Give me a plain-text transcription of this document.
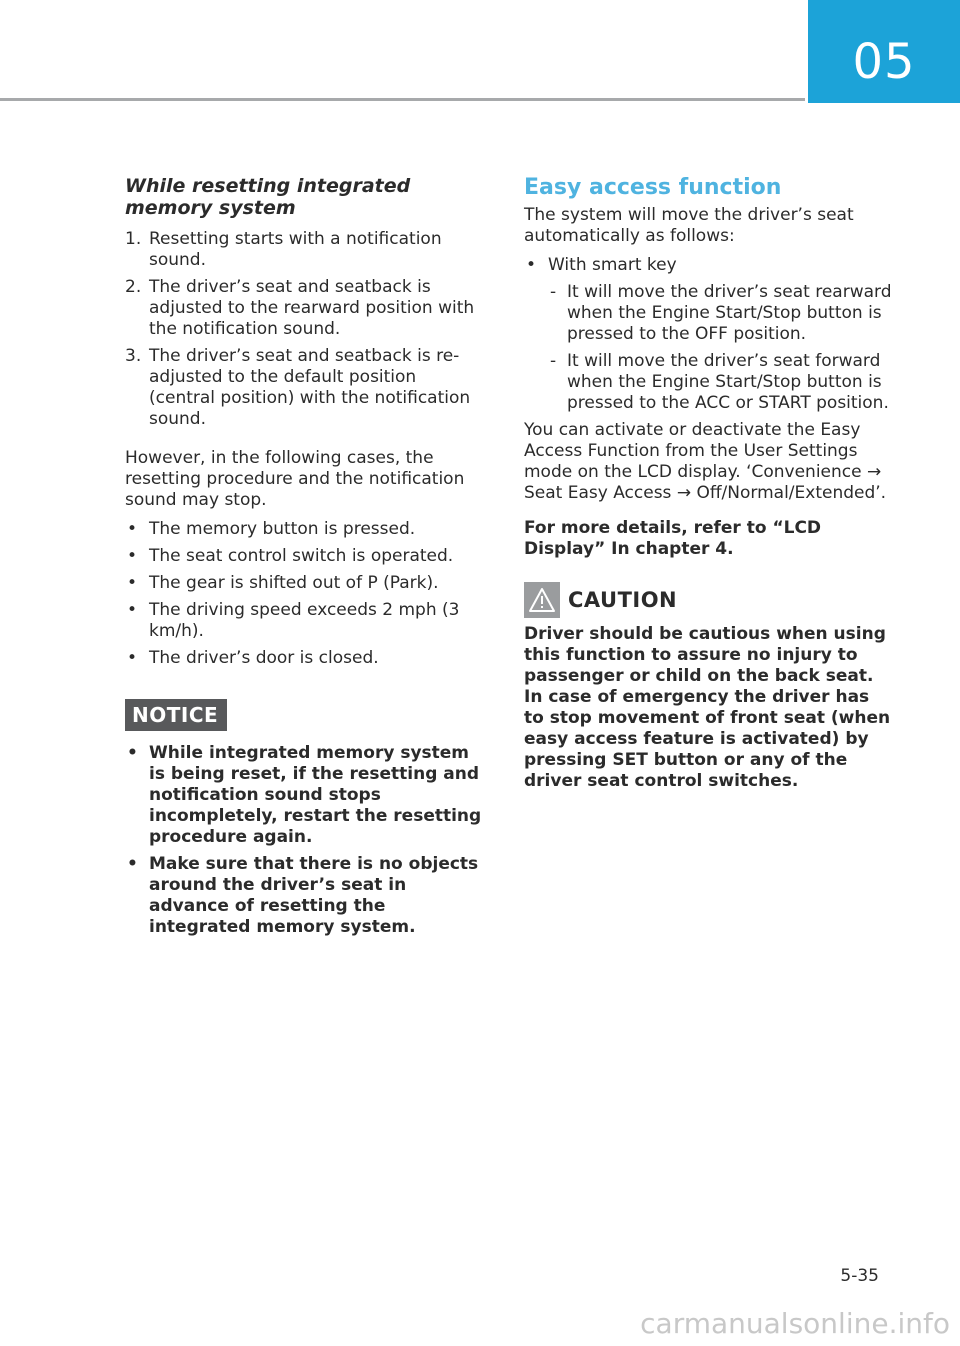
05
While resetting integrated memory system
1. Resetting starts with a notification sound.
2. The driver’s seat and seatback is adjusted to the rearward position with the notification sound.
3. The driver’s seat and seatback is re-adjusted to the default position (central position) with the notification sound.

However, in the following cases, the resetting procedure and the notification sound may stop.

• The memory button is pressed.
• The seat control switch is operated.
• The gear is shifted out of P (Park).
• The driving speed exceeds 2 mph (3 km/h).
• The driver’s door is closed.
NOTICE
• While integrated memory system is being reset, if the resetting and notification sound stops incompletely, restart the resetting procedure again.
• Make sure that there is no objects around the driver’s seat in advance of resetting the integrated memory system.
Easy access function

The system will move the driver’s seat automatically as follows:

• With smart key
- It will move the driver’s seat rearward when the Engine Start/Stop button is pressed to the OFF position.
- It will move the driver’s seat forward when the Engine Start/Stop button is pressed to the ACC or START position.

You can activate or deactivate the Easy Access Function from the User Settings mode on the LCD display. ‘Convenience → Seat Easy Access → Off/Normal/Extended’.

For more details, refer to “LCD Display” In chapter 4.

CAUTION

Driver should be cautious when using this function to assure no injury to passenger or child on the back seat. In case of emergency the driver has to stop movement of front seat (when easy access feature is activated) by pressing SET button or any of the driver seat control switches.

5-35
carmanualsonline.info
